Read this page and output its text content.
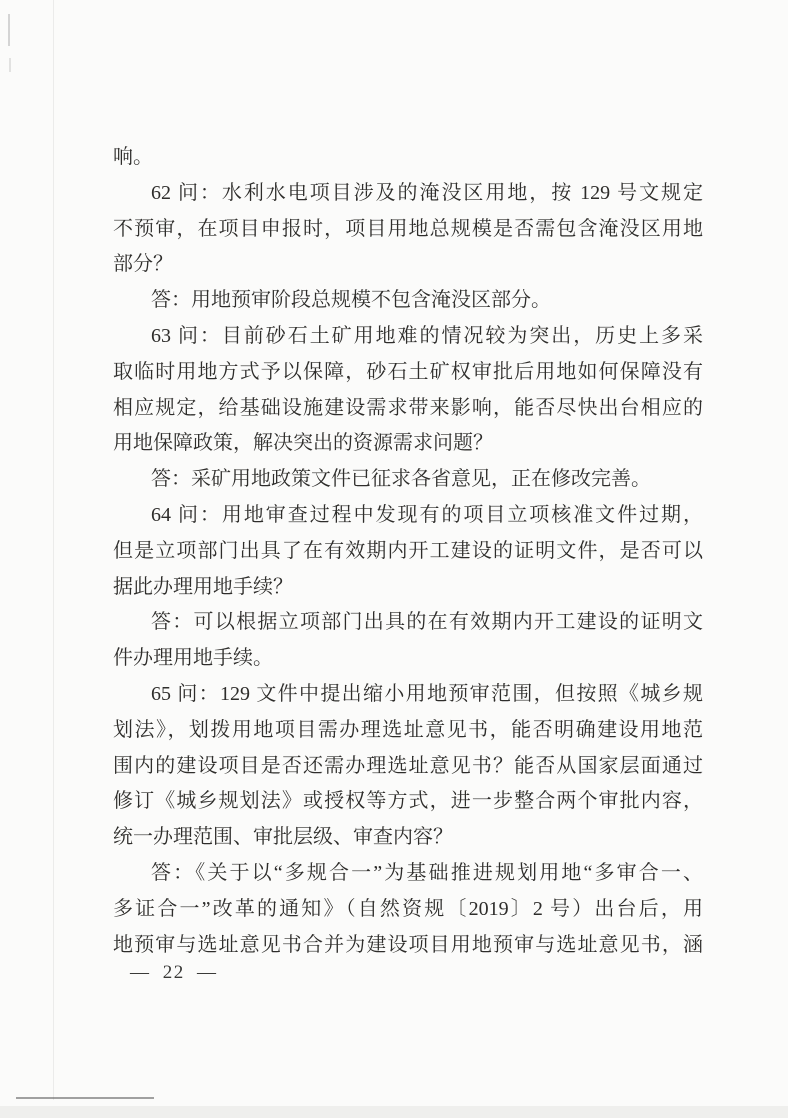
响。
62 问：水利水电项目涉及的淹没区用地，按 129 号文规定
不预审，在项目申报时，项目用地总规模是否需包含淹没区用地
部分？
答：用地预审阶段总规模不包含淹没区部分。
63 问：目前砂石土矿用地难的情况较为突出，历史上多采
取临时用地方式予以保障，砂石土矿权审批后用地如何保障没有
相应规定，给基础设施建设需求带来影响，能否尽快出台相应的
用地保障政策，解决突出的资源需求问题？
答：采矿用地政策文件已征求各省意见，正在修改完善。
64 问：用地审查过程中发现有的项目立项核准文件过期，
但是立项部门出具了在有效期内开工建设的证明文件，是否可以
据此办理用地手续？
答：可以根据立项部门出具的在有效期内开工建设的证明文
件办理用地手续。
65 问：129 文件中提出缩小用地预审范围，但按照《城乡规
划法》，划拨用地项目需办理选址意见书，能否明确建设用地范
围内的建设项目是否还需办理选址意见书？能否从国家层面通过
修订《城乡规划法》或授权等方式，进一步整合两个审批内容，
统一办理范围、审批层级、审查内容？
答：《关于以“多规合一”为基础推进规划用地“多审合一、
多证合一”改革的通知》（自然资规〔2019〕2 号）出台后，用
地预审与选址意见书合并为建设项目用地预审与选址意见书，涵
— 22 —
